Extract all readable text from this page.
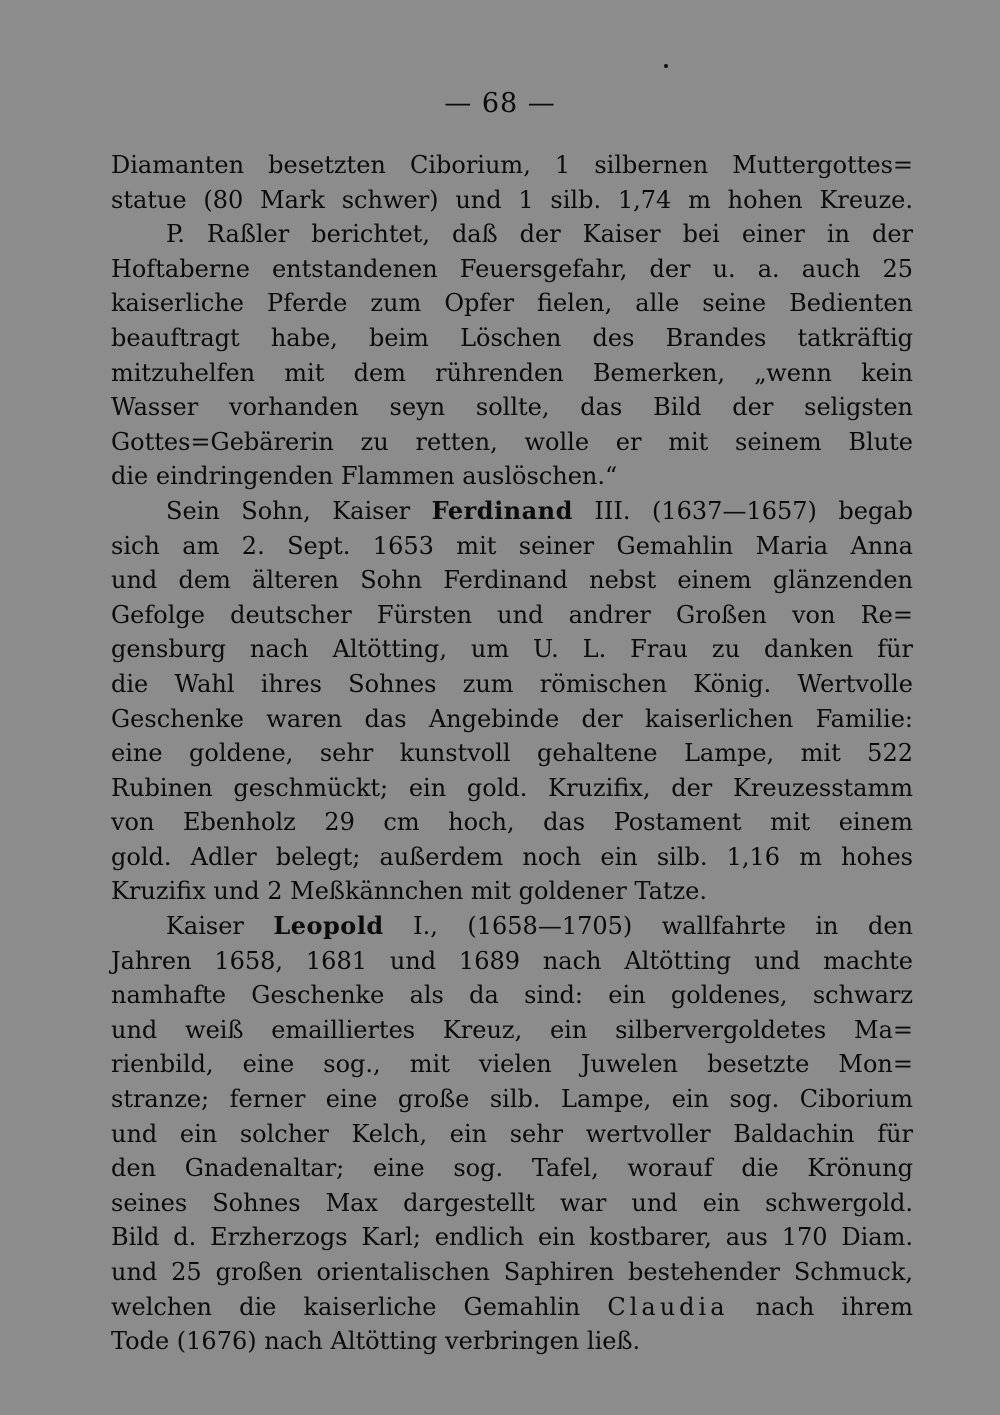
— 68 —
Diamanten besetzten Ciborium, 1 silbernen Muttergottes=
statue (80 Mark schwer) und 1 silb. 1,74 m hohen Kreuze.
P. Raßler berichtet, daß der Kaiser bei einer in der
Hoftaberne entstandenen Feuersgefahr, der u. a. auch 25
kaiserliche Pferde zum Opfer fielen, alle seine Bedienten
beauftragt habe, beim Löschen des Brandes tatkräftig
mitzuhelfen mit dem rührenden Bemerken, „wenn kein
Wasser vorhanden seyn sollte, das Bild der seligsten
Gottes=Gebärerin zu retten, wolle er mit seinem Blute
die eindringenden Flammen auslöschen.“
Sein Sohn, Kaiser Ferdinand III. (1637—1657) begab
sich am 2. Sept. 1653 mit seiner Gemahlin Maria Anna
und dem älteren Sohn Ferdinand nebst einem glänzenden
Gefolge deutscher Fürsten und andrer Großen von Re=
gensburg nach Altötting, um U. L. Frau zu danken für
die Wahl ihres Sohnes zum römischen König. Wertvolle
Geschenke waren das Angebinde der kaiserlichen Familie:
eine goldene, sehr kunstvoll gehaltene Lampe, mit 522
Rubinen geschmückt; ein gold. Kruzifix, der Kreuzesstamm
von Ebenholz 29 cm hoch, das Postament mit einem
gold. Adler belegt; außerdem noch ein silb. 1,16 m hohes
Kruzifix und 2 Meßkännchen mit goldener Tatze.
Kaiser Leopold I., (1658—1705) wallfahrte in den
Jahren 1658, 1681 und 1689 nach Altötting und machte
namhafte Geschenke als da sind: ein goldenes, schwarz
und weiß emailliertes Kreuz, ein silbervergoldetes Ma=
rienbild, eine sog., mit vielen Juwelen besetzte Mon=
stranze; ferner eine große silb. Lampe, ein sog. Ciborium
und ein solcher Kelch, ein sehr wertvoller Baldachin für
den Gnadenaltar; eine sog. Tafel, worauf die Krönung
seines Sohnes Max dargestellt war und ein schwergold.
Bild d. Erzherzogs Karl; endlich ein kostbarer, aus 170 Diam.
und 25 großen orientalischen Saphiren bestehender Schmuck,
welchen die kaiserliche Gemahlin Claudia nach ihrem
Tode (1676) nach Altötting verbringen ließ.
